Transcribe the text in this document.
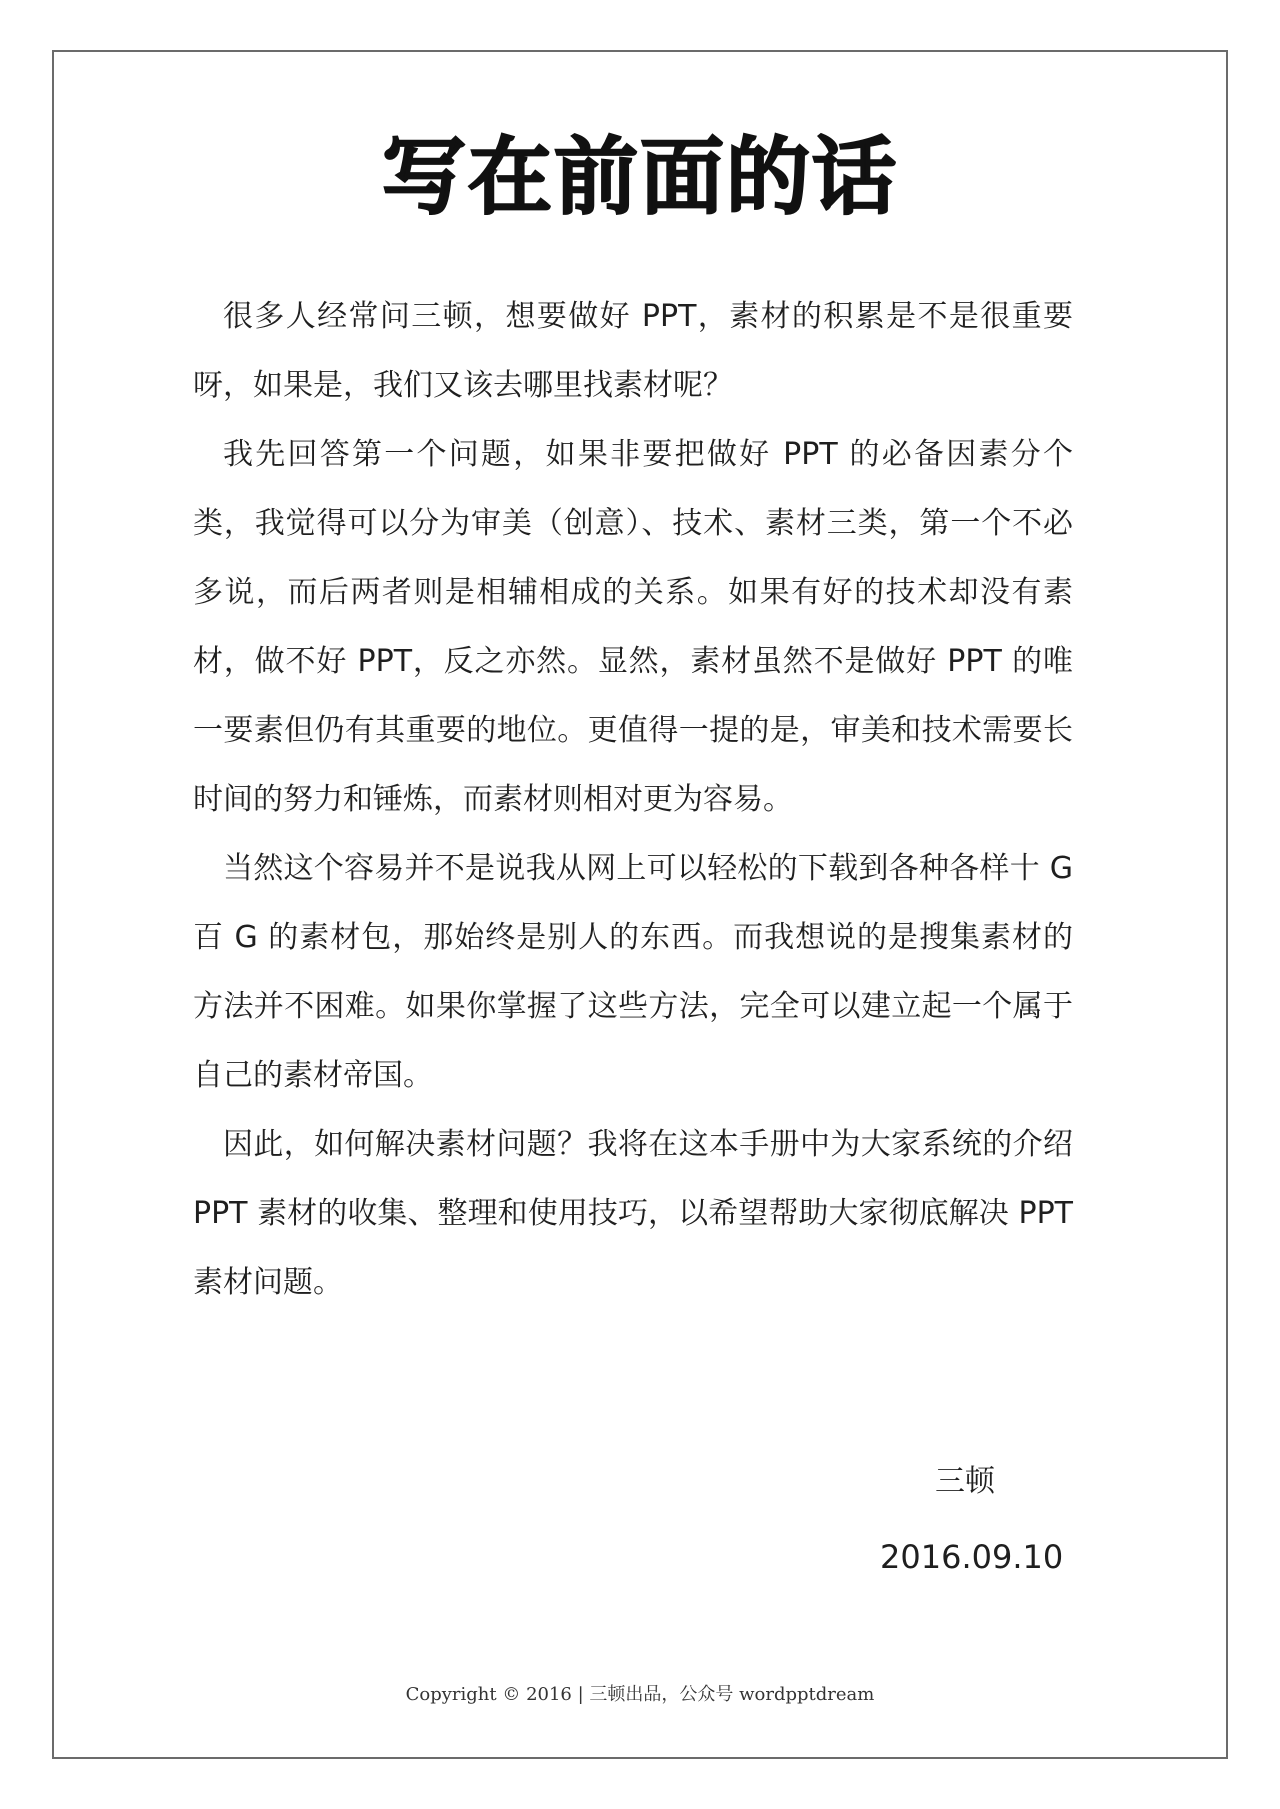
写在前面的话

很多人经常问三顿，想要做好 PPT，素材的积累是不是很重要呀，如果是，我们又该去哪里找素材呢？

我先回答第一个问题，如果非要把做好 PPT 的必备因素分个类，我觉得可以分为审美（创意）、技术、素材三类，第一个不必多说，而后两者则是相辅相成的关系。如果有好的技术却没有素材，做不好 PPT，反之亦然。显然，素材虽然不是做好 PPT 的唯一要素但仍有其重要的地位。更值得一提的是，审美和技术需要长时间的努力和锤炼，而素材则相对更为容易。

当然这个容易并不是说我从网上可以轻松的下载到各种各样十 G 百 G 的素材包，那始终是别人的东西。而我想说的是搜集素材的方法并不困难。如果你掌握了这些方法，完全可以建立起一个属于自己的素材帝国。

因此，如何解决素材问题？我将在这本手册中为大家系统的介绍 PPT 素材的收集、整理和使用技巧，以希望帮助大家彻底解决 PPT 素材问题。

三顿
2016.09.10
Copyright © 2016 | 三顿出品，公众号 wordpptdream
